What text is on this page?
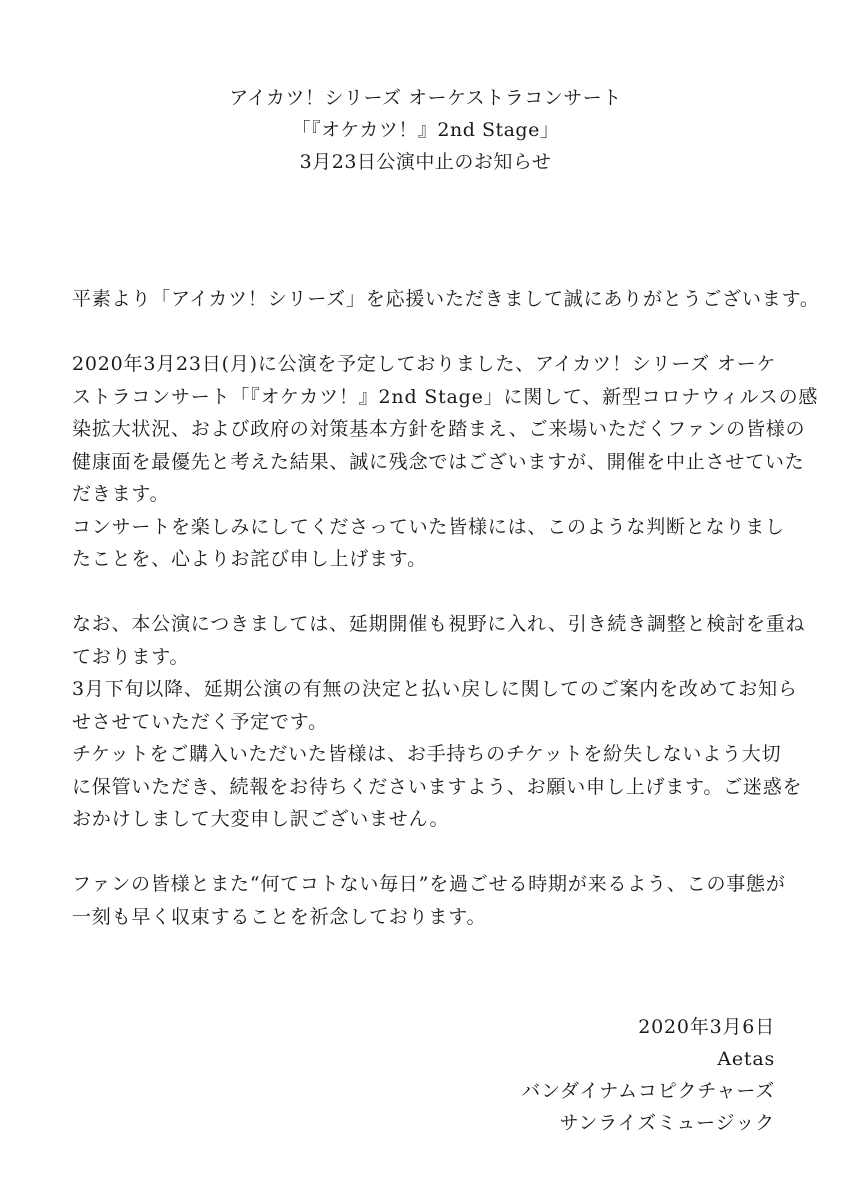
アイカツ！シリーズ オーケストラコンサート
「『オケカツ！』2nd Stage」
3月23日公演中止のお知らせ
平素より「アイカツ！シリーズ」を応援いただきまして誠にありがとうございます。
2020年3月23日(月)に公演を予定しておりました、アイカツ！シリーズ オーケ
ストラコンサート「『オケカツ！』2nd Stage」に関して、新型コロナウィルスの感
染拡大状況、および政府の対策基本方針を踏まえ、ご来場いただくファンの皆様の
健康面を最優先と考えた結果、誠に残念ではございますが、開催を中止させていた
だきます。
コンサートを楽しみにしてくださっていた皆様には、このような判断となりまし
たことを、心よりお詫び申し上げます。
なお、本公演につきましては、延期開催も視野に入れ、引き続き調整と検討を重ね
ております。
3月下旬以降、延期公演の有無の決定と払い戻しに関してのご案内を改めてお知ら
せさせていただく予定です。
チケットをご購入いただいた皆様は、お手持ちのチケットを紛失しないよう大切
に保管いただき、続報をお待ちくださいますよう、お願い申し上げます。ご迷惑を
おかけしまして大変申し訳ございません。
ファンの皆様とまた“何てコトない毎日”を過ごせる時期が来るよう、この事態が
一刻も早く収束することを祈念しております。
2020年3月6日
Aetas
バンダイナムコピクチャーズ
サンライズミュージック
